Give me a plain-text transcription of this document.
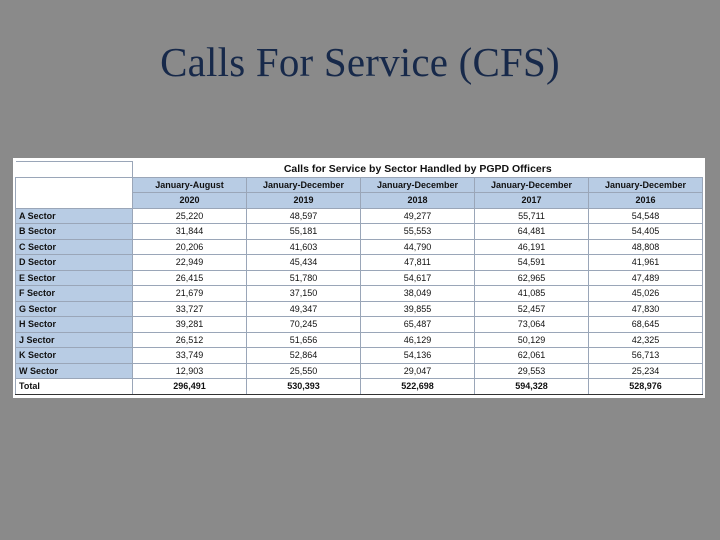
Calls For Service (CFS)
	Calls for Service by Sector Handled by PGPD Officers				
	January-August	January-December	January-December	January-December	January-December
	2020	2019	2018	2017	2016
A Sector	25,220	48,597	49,277	55,711	54,548
B Sector	31,844	55,181	55,553	64,481	54,405
C Sector	20,206	41,603	44,790	46,191	48,808
D Sector	22,949	45,434	47,811	54,591	41,961
E Sector	26,415	51,780	54,617	62,965	47,489
F Sector	21,679	37,150	38,049	41,085	45,026
G Sector	33,727	49,347	39,855	52,457	47,830
H Sector	39,281	70,245	65,487	73,064	68,645
J Sector	26,512	51,656	46,129	50,129	42,325
K Sector	33,749	52,864	54,136	62,061	56,713
W Sector	12,903	25,550	29,047	29,553	25,234
Total	296,491	530,393	522,698	594,328	528,976
